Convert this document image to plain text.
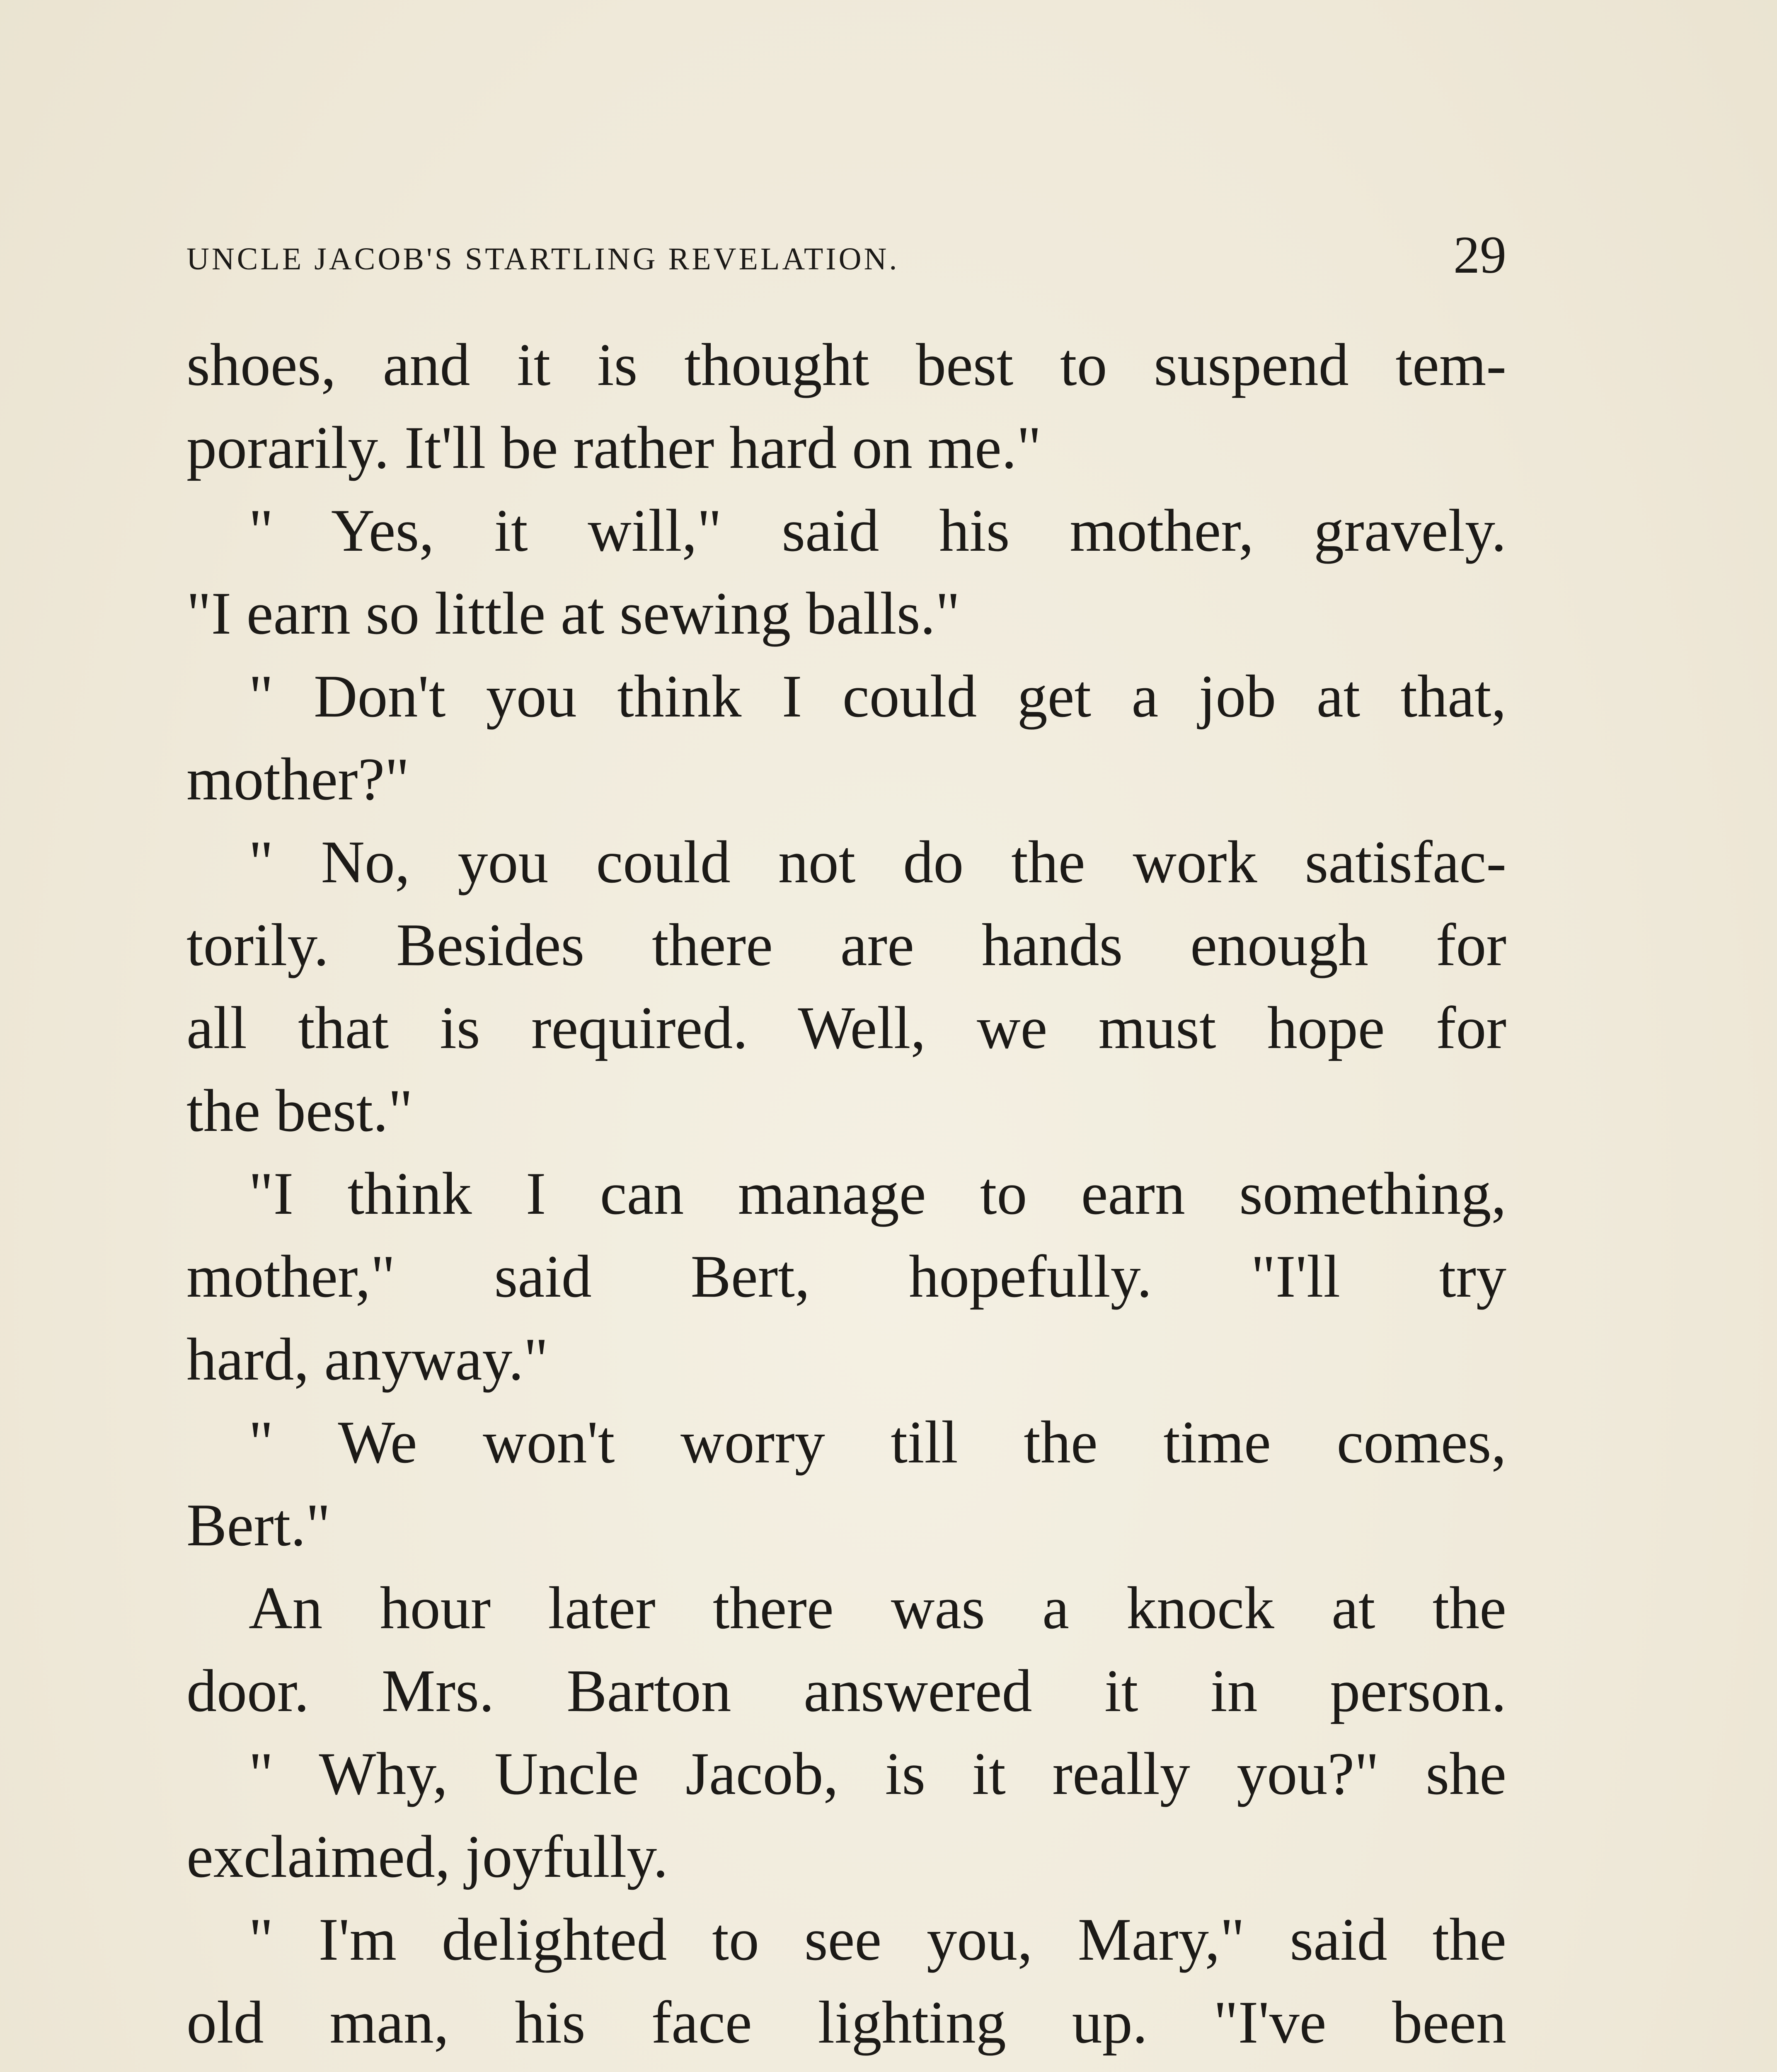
uncle jacob's startling revelation.	29
shoes, and it is thought best to suspend tem-
porarily. It'll be rather hard on me."
" Yes, it will," said his mother, gravely.
"I earn so little at sewing balls."
" Don't you think I could get a job at that,
mother?"
" No, you could not do the work satisfac-
torily. Besides there are hands enough for
all that is required. Well, we must hope for
the best."
"I think I can manage to earn something,
mother," said Bert, hopefully. "I'll try
hard, anyway."
" We won't worry till the time comes,
Bert."
An hour later there was a knock at the
door. Mrs. Barton answered it in person.
" Why, Uncle Jacob, is it really you?" she
exclaimed, joyfully.
" I'm delighted to see you, Mary," said the
old man, his face lighting up. "I've been
